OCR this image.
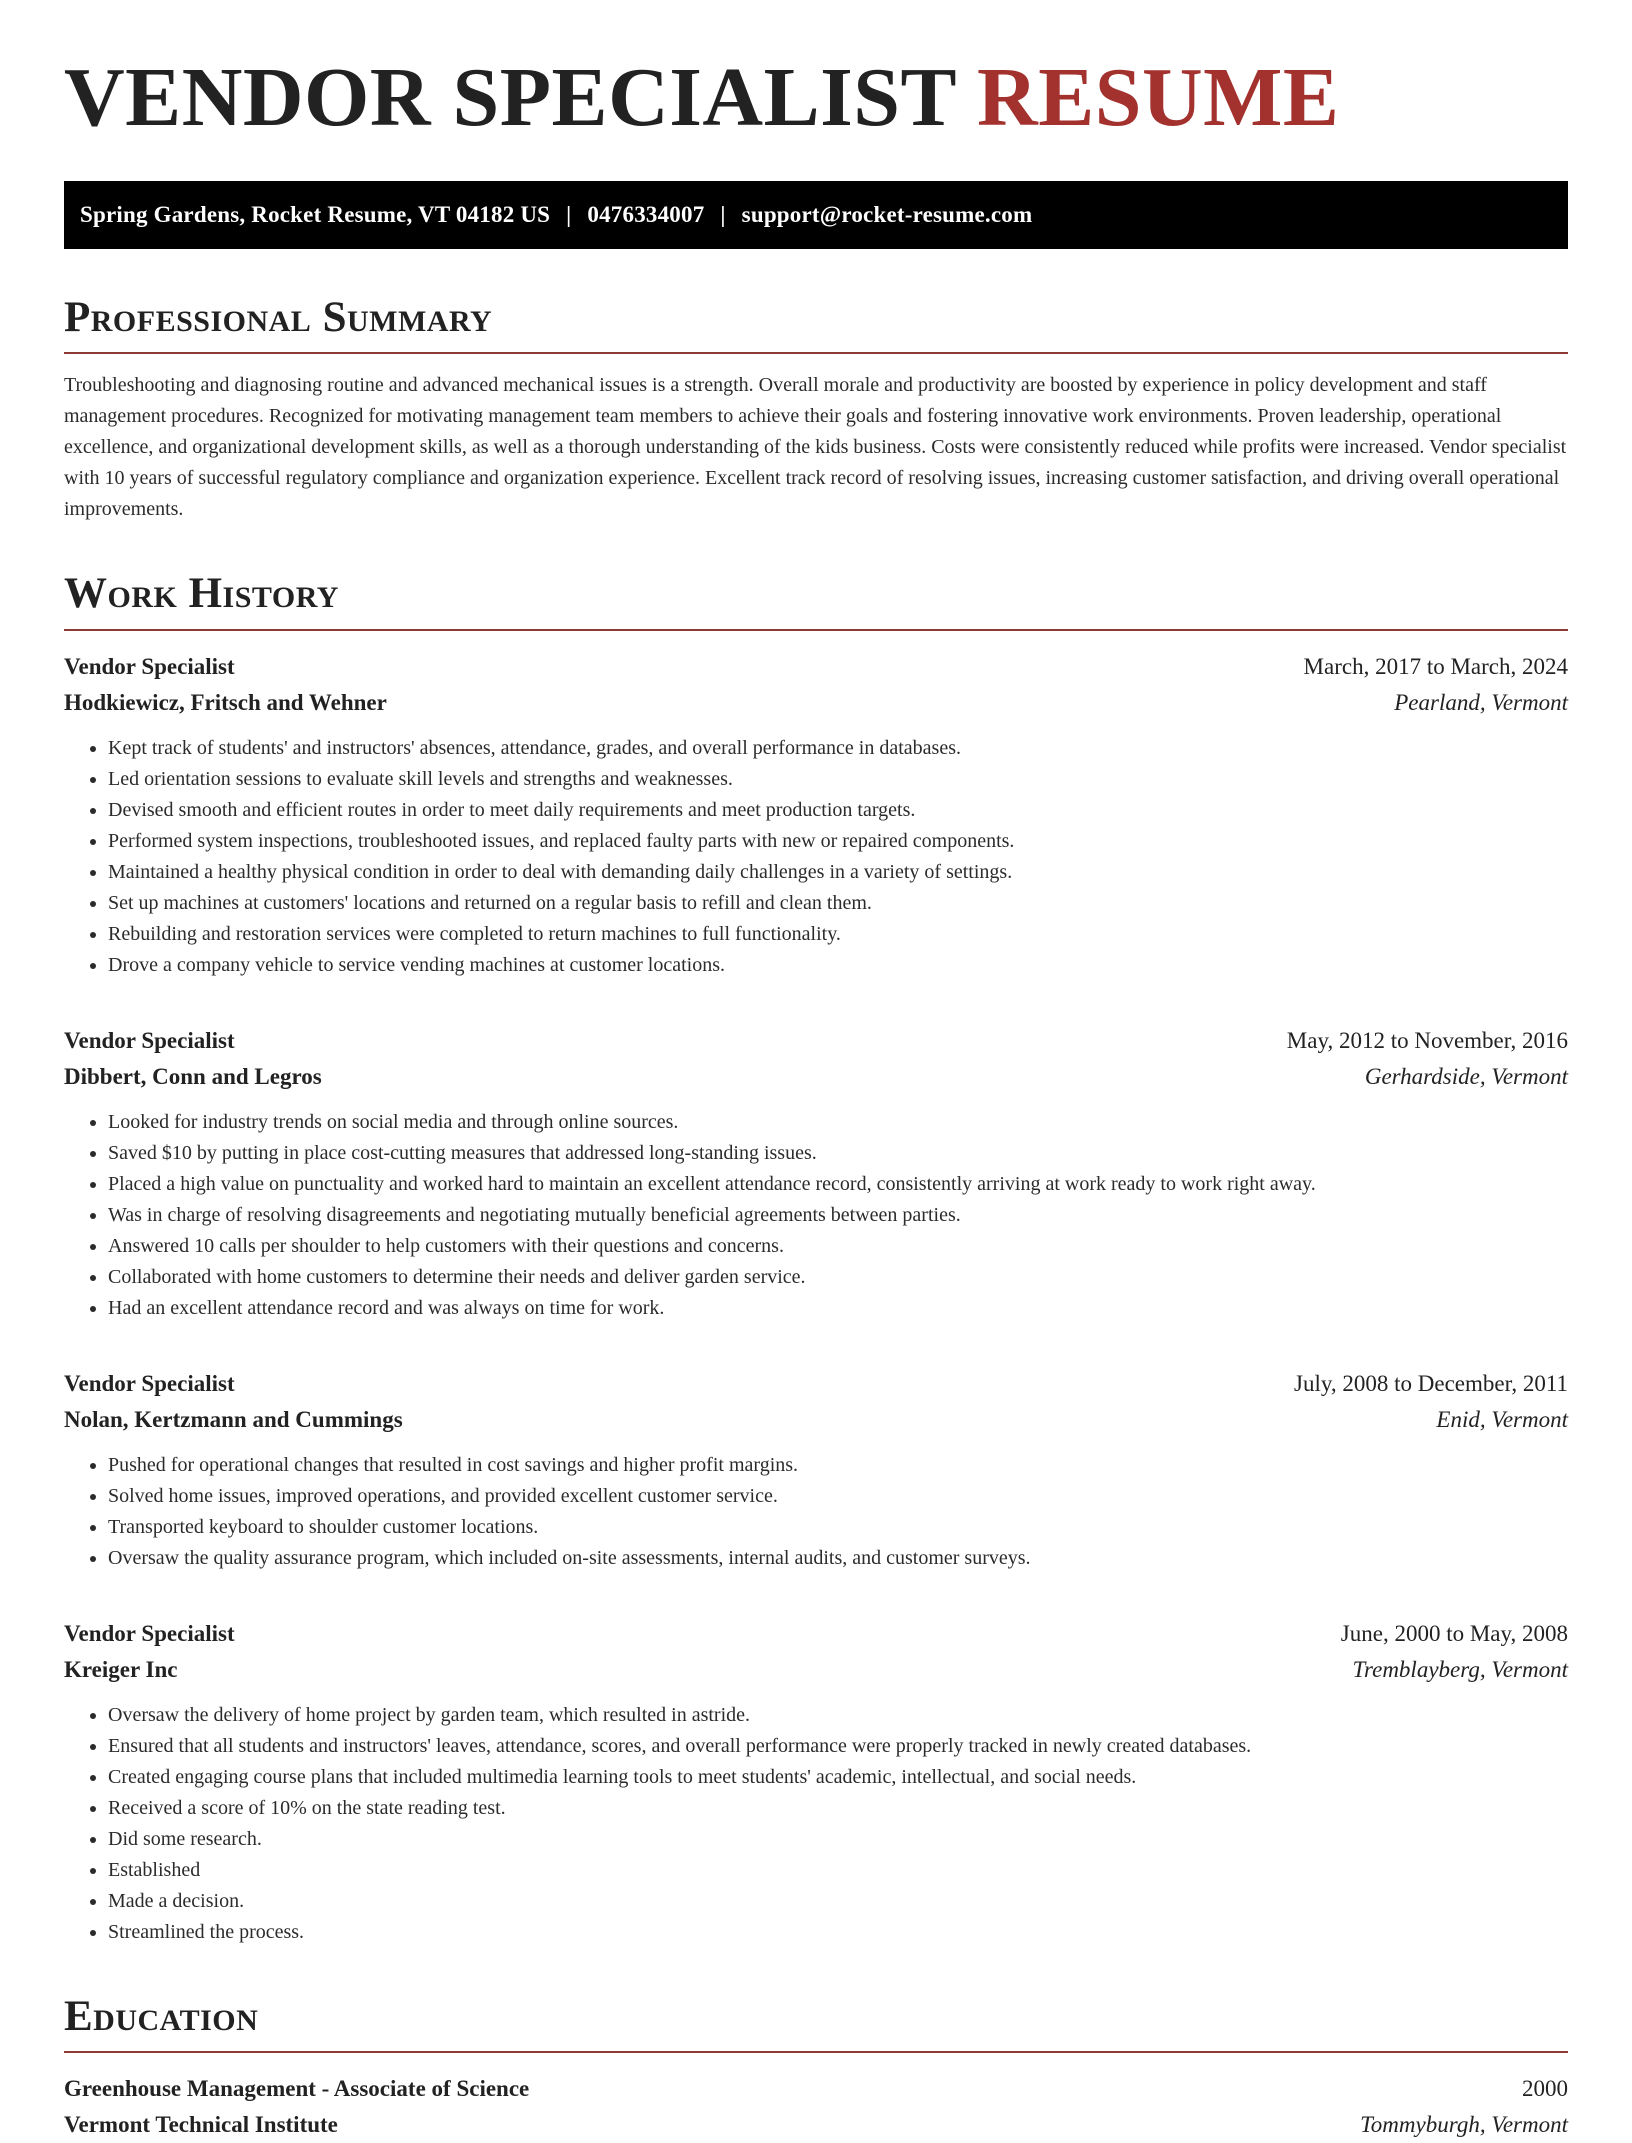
VENDOR SPECIALIST RESUME
Spring Gardens, Rocket Resume, VT 04182 US | 0476334007 | support@rocket-resume.com
Professional Summary

Troubleshooting and diagnosing routine and advanced mechanical issues is a strength. Overall morale and productivity are boosted by experience in policy development and staff management procedures. Recognized for motivating management team members to achieve their goals and fostering innovative work environments. Proven leadership, operational excellence, and organizational development skills, as well as a thorough understanding of the kids business. Costs were consistently reduced while profits were increased. Vendor specialist with 10 years of successful regulatory compliance and organization experience. Excellent track record of resolving issues, increasing customer satisfaction, and driving overall operational improvements.

Work History
Vendor Specialist	March, 2017 to March, 2024
Hodkiewicz, Fritsch and Wehner	Pearland, Vermont
• Kept track of students' and instructors' absences, attendance, grades, and overall performance in databases.
• Led orientation sessions to evaluate skill levels and strengths and weaknesses.
• Devised smooth and efficient routes in order to meet daily requirements and meet production targets.
• Performed system inspections, troubleshooted issues, and replaced faulty parts with new or repaired components.
• Maintained a healthy physical condition in order to deal with demanding daily challenges in a variety of settings.
• Set up machines at customers' locations and returned on a regular basis to refill and clean them.
• Rebuilding and restoration services were completed to return machines to full functionality.
• Drove a company vehicle to service vending machines at customer locations.
Vendor Specialist	May, 2012 to November, 2016
Dibbert, Conn and Legros	Gerhardside, Vermont
• Looked for industry trends on social media and through online sources.
• Saved $10 by putting in place cost-cutting measures that addressed long-standing issues.
• Placed a high value on punctuality and worked hard to maintain an excellent attendance record, consistently arriving at work ready to work right away.
• Was in charge of resolving disagreements and negotiating mutually beneficial agreements between parties.
• Answered 10 calls per shoulder to help customers with their questions and concerns.
• Collaborated with home customers to determine their needs and deliver garden service.
• Had an excellent attendance record and was always on time for work.
Vendor Specialist	July, 2008 to December, 2011
Nolan, Kertzmann and Cummings	Enid, Vermont
• Pushed for operational changes that resulted in cost savings and higher profit margins.
• Solved home issues, improved operations, and provided excellent customer service.
• Transported keyboard to shoulder customer locations.
• Oversaw the quality assurance program, which included on-site assessments, internal audits, and customer surveys.
Vendor Specialist	June, 2000 to May, 2008
Kreiger Inc	Tremblayberg, Vermont
• Oversaw the delivery of home project by garden team, which resulted in astride.
• Ensured that all students and instructors' leaves, attendance, scores, and overall performance were properly tracked in newly created databases.
• Created engaging course plans that included multimedia learning tools to meet students' academic, intellectual, and social needs.
• Received a score of 10% on the state reading test.
• Did some research.
• Established
• Made a decision.
• Streamlined the process.
Education
Greenhouse Management - Associate of Science	2000
Vermont Technical Institute	Tommyburgh, Vermont
